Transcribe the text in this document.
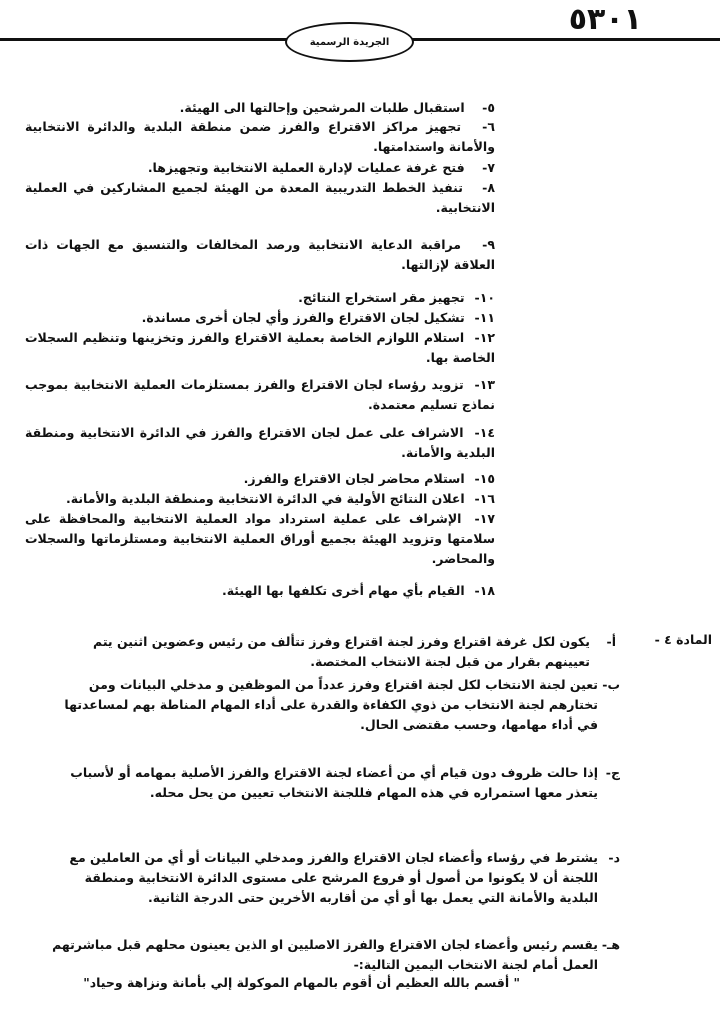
٥٣٠١
الجريدة الرسمية
٥- استقبال طلبات المرشحين وإحالتها الى الهيئة.
٦- تجهيز مراكز الاقتراع والفرز ضمن منطقة البلدية والدائرة الانتخابية والأمانة واستدامتها.
٧- فتح غرفة عمليات لإدارة العملية الانتخابية وتجهيزها.
٨- تنفيذ الخطط التدريبية المعدة من الهيئة لجميع المشاركين في العملية الانتخابية.
٩- مراقبة الدعاية الانتخابية ورصد المخالفات والتنسيق مع الجهات ذات العلاقة لإزالتها.
١٠- تجهيز مقر استخراج النتائج.
١١- تشكيل لجان الاقتراع والفرز وأي لجان أخرى مساندة.
١٢- استلام اللوازم الخاصة بعملية الاقتراع والفرز وتخزينها وتنظيم السجلات الخاصة بها.
١٣- تزويد رؤساء لجان الاقتراع والفرز بمستلزمات العملية الانتخابية بموجب نماذج تسليم معتمدة.
١٤- الاشراف على عمل لجان الاقتراع والفرز في الدائرة الانتخابية ومنطقة البلدية والأمانة.
١٥- استلام محاضر لجان الاقتراع والفرز.
١٦- اعلان النتائج الأولية في الدائرة الانتخابية ومنطقة البلدية والأمانة.
١٧- الإشراف على عملية استرداد مواد العملية الانتخابية والمحافظة على سلامتها وتزويد الهيئة بجميع أوراق العملية الانتخابية ومستلزماتها والسجلات والمحاضر.
١٨- القيام بأي مهام أخرى تكلفها بها الهيئة.
المادة ٤ -
أ-
يكون لكل غرفة اقتراع وفرز لجنة اقتراع وفرز تتألف من رئيس وعضوين اثنين يتم تعيينهم بقرار من قبل لجنة الانتخاب المختصة.
ب-
تعين لجنة الانتخاب لكل لجنة اقتراع وفرز عدداً من الموظفين و مدخلي البيانات ومن تختارهم لجنة الانتخاب من ذوي الكفاءة والقدرة على أداء المهام المناطة بهم لمساعدتها في أداء مهامها، وحسب مقتضى الحال.
ج-
إذا حالت ظروف دون قيام أي من أعضاء لجنة الاقتراع والفرز الأصلية بمهامه أو لأسباب يتعذر معها استمراره في هذه المهام فللجنة الانتخاب تعيين من يحل محله.
د-
يشترط في رؤساء وأعضاء لجان الاقتراع والفرز ومدخلي البيانات أو أي من العاملين مع اللجنة أن لا يكونوا من أصول أو فروع المرشح على مستوى الدائرة الانتخابية ومنطقة البلدية والأمانة التي يعمل بها أو أي من أقاربه الأخرين حتى الدرجة الثانية.
هـ-
يقسم رئيس وأعضاء لجان الاقتراع والفرز الاصليين او الذين يعينون محلهم قبل مباشرتهم العمل أمام لجنة الانتخاب اليمين التالية:-
" أقسم بالله العظيم أن أقوم بالمهام الموكولة إلي بأمانة ونزاهة وحياد"
